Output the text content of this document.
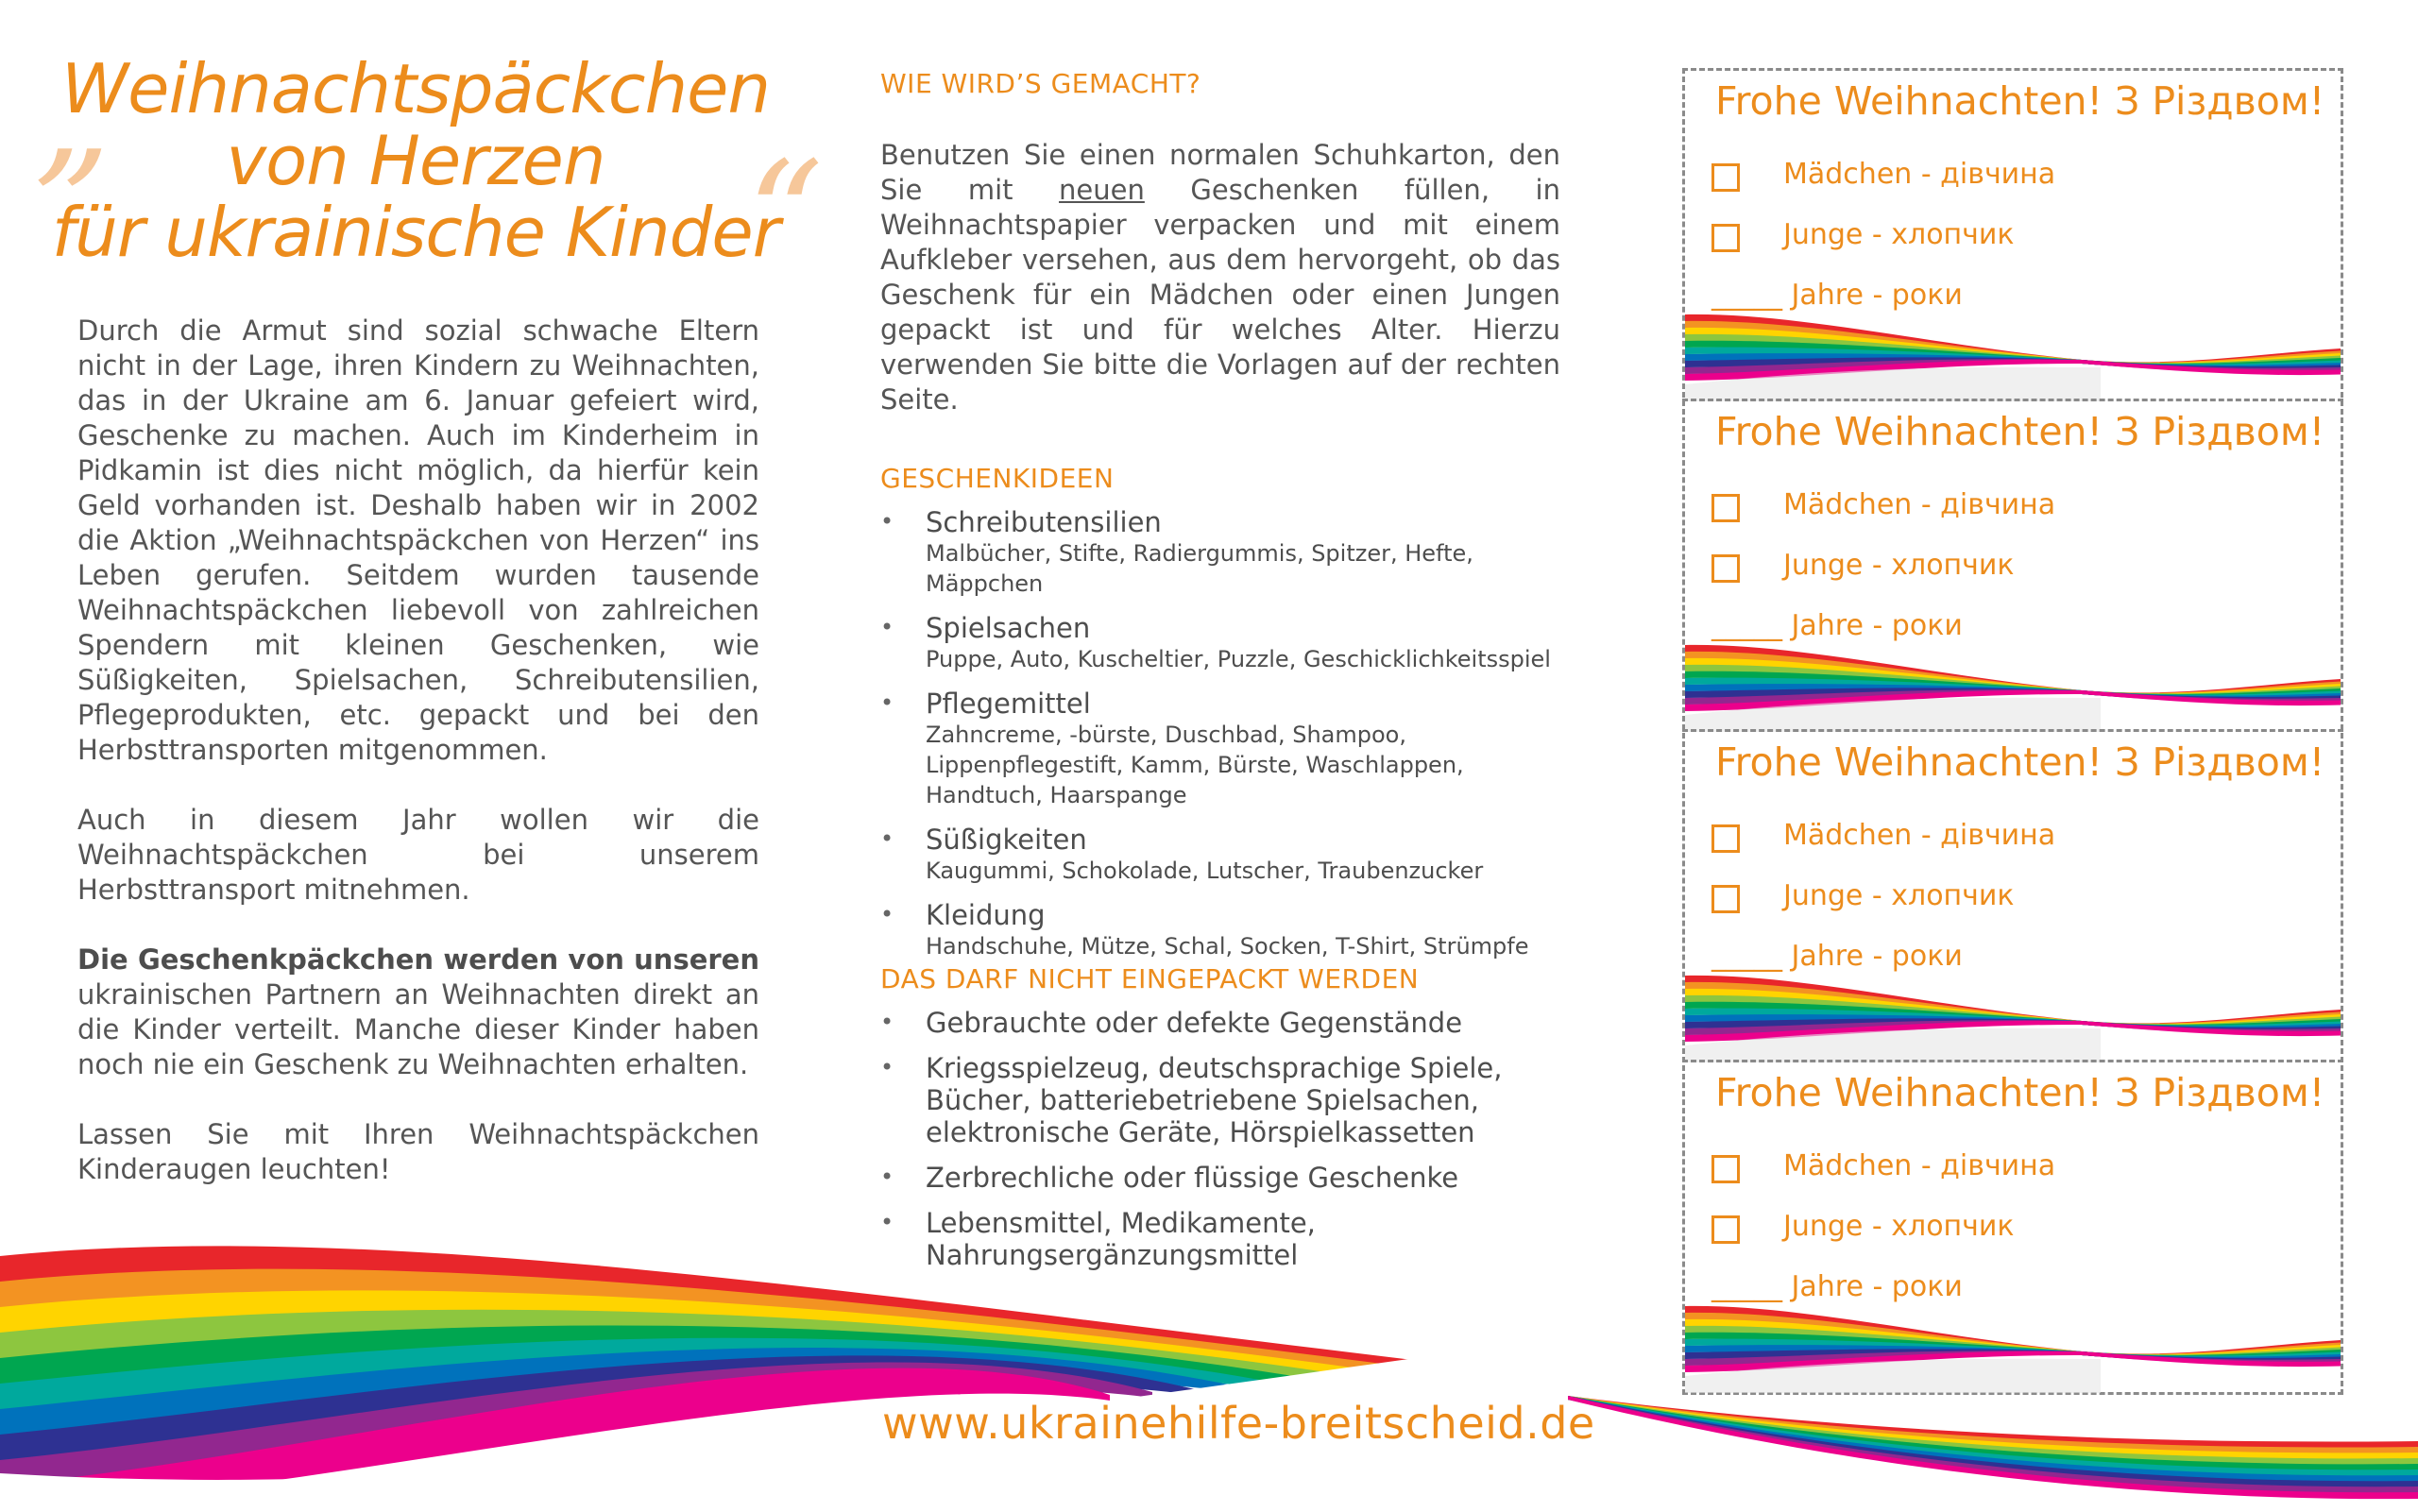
Weihnachtspäckchen
von Herzen
für ukrainische Kinder
„
“

Durch die Armut sind sozial schwache Eltern nicht in der Lage, ihren Kindern zu Weihnachten, das in der Ukraine am 6. Januar gefeiert wird, Geschenke zu machen. Auch im Kinderheim in Pidkamin ist dies nicht möglich, da hierfür kein Geld vorhanden ist. Deshalb haben wir in 2002 die Aktion „Weihnachtspäckchen von Herzen“ ins Leben gerufen. Seitdem wurden tausende Weihnachtspäckchen liebevoll von zahlreichen Spendern mit kleinen Geschenken, wie Süßigkeiten, Spielsachen, Schreibutensilien, Pflegeprodukten, etc. gepackt und bei den Herbsttransporten mitgenommen.

Auch in diesem Jahr wollen wir die Weihnachtspäckchen bei unserem Herbsttransport mitnehmen.

Die Geschenkpäckchen werden von unseren ukrainischen Partnern an Weihnachten direkt an die Kinder verteilt. Manche dieser Kinder haben noch nie ein Geschenk zu Weihnachten erhalten.

Lassen Sie mit Ihren Weihnachtspäckchen Kinderaugen leuchten!

WIE WIRD’S GEMACHT?
Benutzen Sie einen normalen Schuhkarton, den Sie mit neuen Geschenken füllen, in Weihnachtspapier verpacken und mit einem Aufkleber versehen, aus dem hervorgeht, ob das Geschenk für ein Mädchen oder einen Jungen gepackt ist und für welches Alter. Hierzu verwenden Sie bitte die Vorlagen auf der rechten Seite.
GESCHENKIDEEN
• Schreibutensilien
Malbücher, Stifte, Radiergummis, Spitzer, Hefte, Mäppchen
• Spielsachen
Puppe, Auto, Kuscheltier, Puzzle, Geschicklichkeitsspiel
• Pflegemittel
Zahncreme, -bürste, Duschbad, Shampoo, Lippenpflegestift, Kamm, Bürste, Waschlappen, Handtuch, Haarspange
• Süßigkeiten
Kaugummi, Schokolade, Lutscher, Traubenzucker
• Kleidung
Handschuhe, Mütze, Schal, Socken, T-Shirt, Strümpfe
DAS DARF NICHT EINGEPACKT WERDEN
• Gebrauchte oder defekte Gegenstände
• Kriegsspielzeug, deutschsprachige Spiele, Bücher, batteriebetriebene Spielsachen, elektronische Geräte, Hörspielkassetten
• Zerbrechliche oder flüssige Geschenke
• Lebensmittel, Medikamente, Nahrungsergänzungsmittel
www.ukrainehilfe-breitscheid.de
Frohe Weihnachten! З Різдвом!
Mädchen - дівчина
Junge - хлопчик
_____ Jahre - роки
Frohe Weihnachten! З Різдвом!
Mädchen - дівчина
Junge - хлопчик
_____ Jahre - роки
Frohe Weihnachten! З Різдвом!
Mädchen - дівчина
Junge - хлопчик
_____ Jahre - роки
Frohe Weihnachten! З Різдвом!
Mädchen - дівчина
Junge - хлопчик
_____ Jahre - роки
